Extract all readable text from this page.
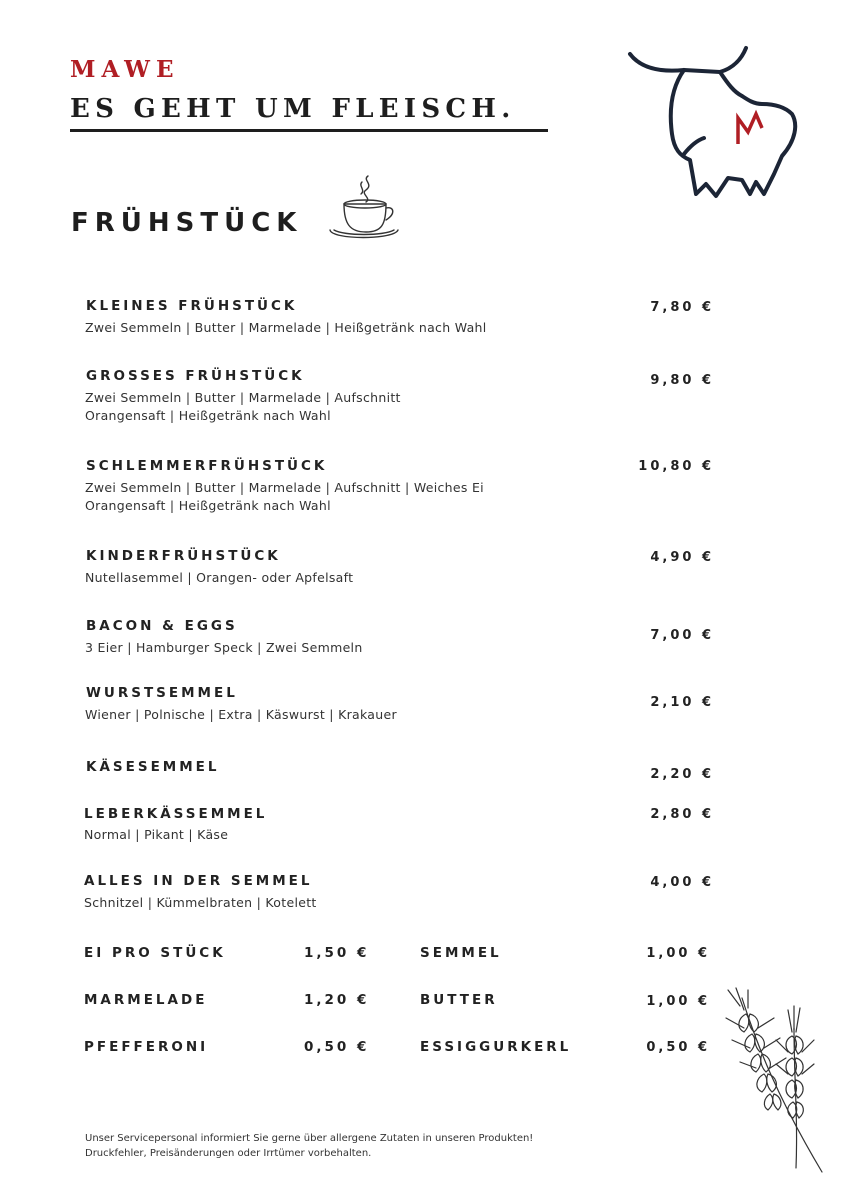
MAWE
ES GEHT UM FLEISCH.
FRÜHSTÜCK
KLEINES FRÜHSTÜCK
Zwei Semmeln | Butter | Marmelade | Heißgetränk nach Wahl
7,80 €
GROSSES FRÜHSTÜCK
Zwei Semmeln | Butter | Marmelade | Aufschnitt
Orangensaft | Heißgetränk nach Wahl
9,80 €
SCHLEMMERFRÜHSTÜCK
Zwei Semmeln | Butter | Marmelade | Aufschnitt | Weiches Ei
Orangensaft | Heißgetränk nach Wahl
10,80 €
KINDERFRÜHSTÜCK
Nutellasemmel | Orangen- oder Apfelsaft
4,90 €
BACON & EGGS
3 Eier | Hamburger Speck | Zwei Semmeln
7,00 €
WURSTSEMMEL
Wiener | Polnische | Extra | Käswurst | Krakauer
2,10 €
KÄSESEMMEL	2,20 €
LEBERKÄSSEMMEL
Normal | Pikant | Käse
2,80 €
ALLES IN DER SEMMEL
Schnitzel | Kümmelbraten | Kotelett
4,00 €
EI PRO STÜCK	1,50 €	SEMMEL	1,00 €
MARMELADE	1,20 €	BUTTER	1,00 €
PFEFFERONI	0,50 €	ESSIGGURKERL	0,50 €
Unser Servicepersonal informiert Sie gerne über allergene Zutaten in unseren Produkten!
Druckfehler, Preisänderungen oder Irrtümer vorbehalten.
